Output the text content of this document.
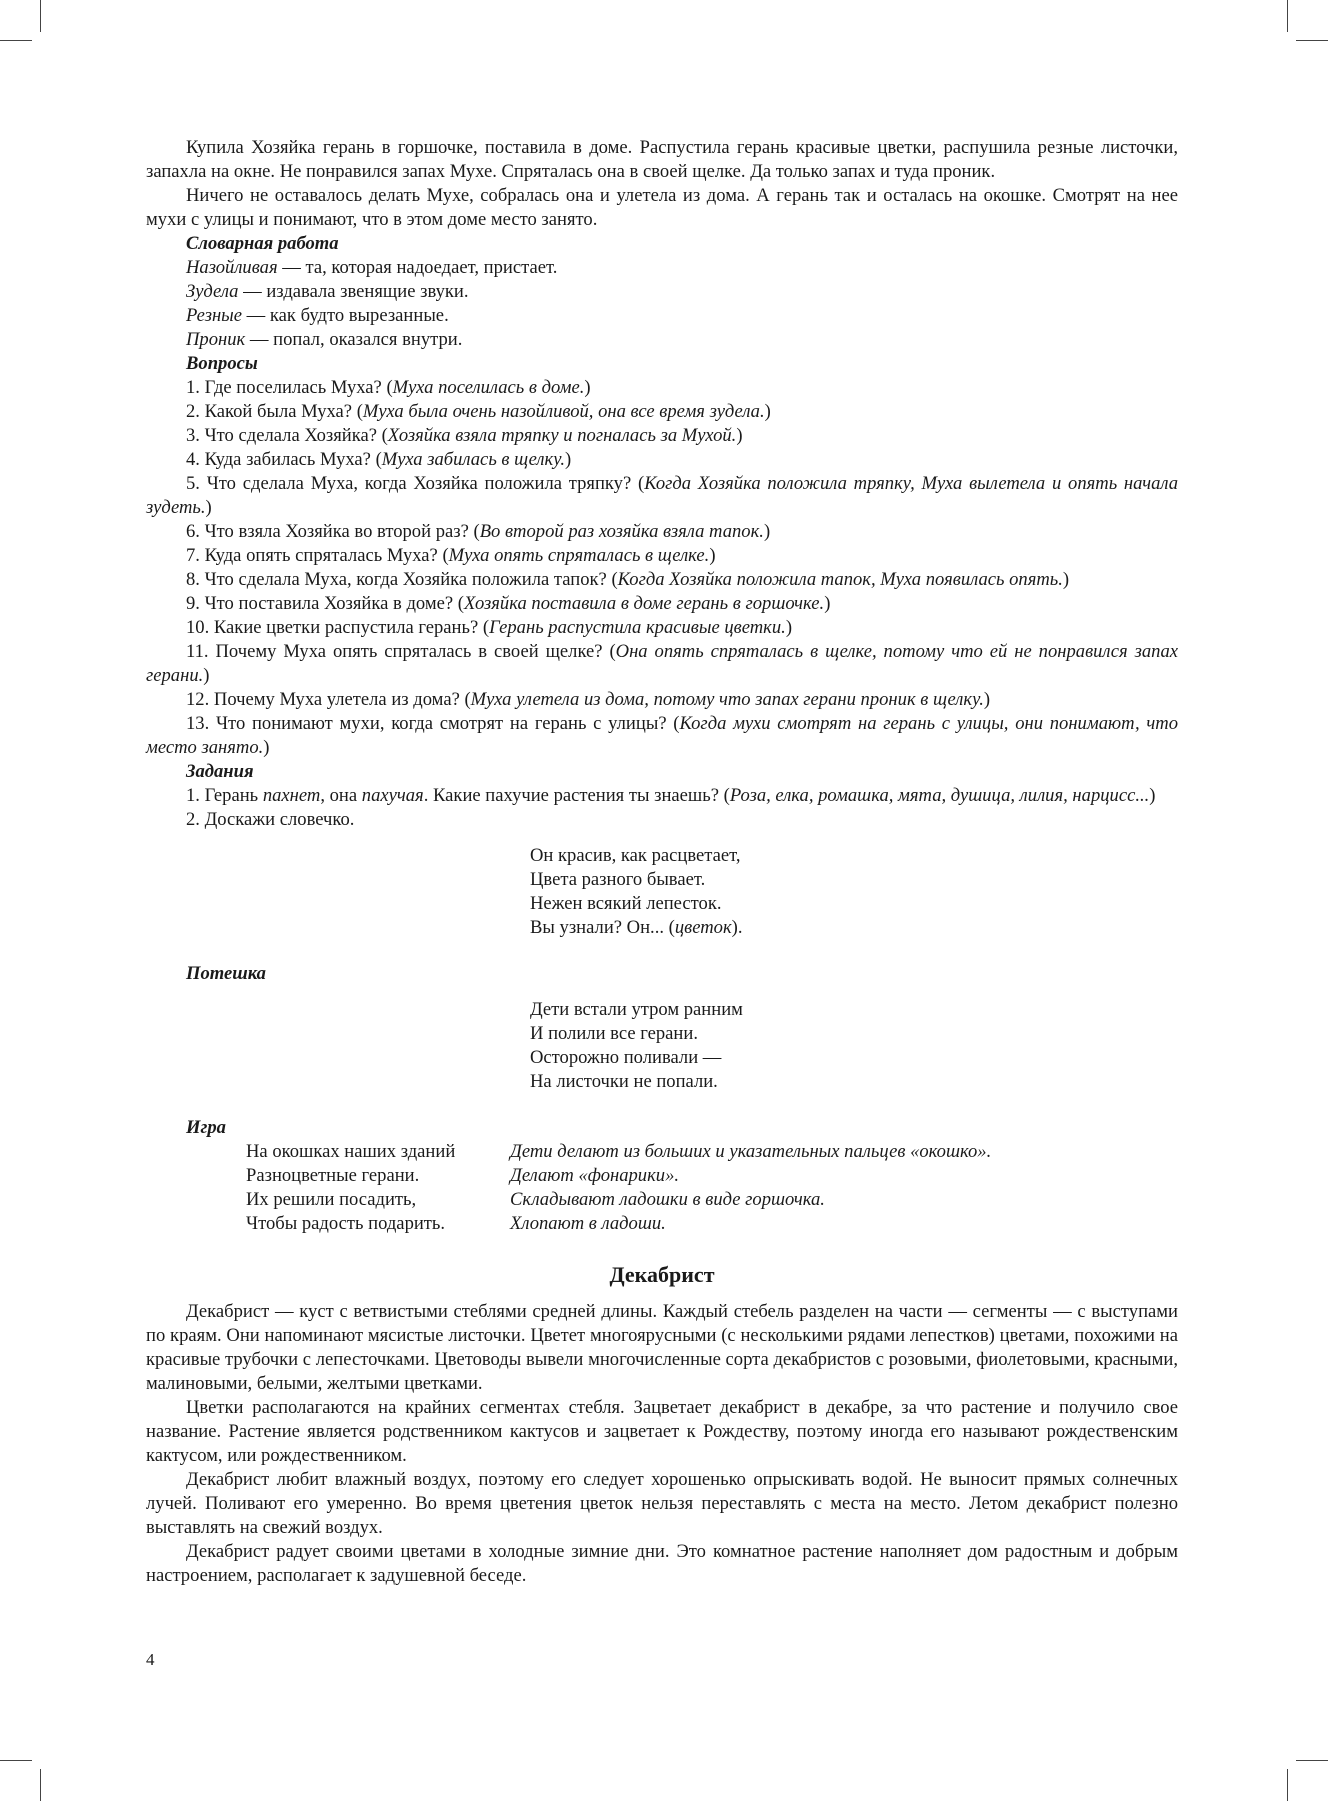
Купила Хозяйка герань в горшочке, поставила в доме. Распустила герань красивые цветки, распушила резные листочки, запахла на окне. Не понравился запах Мухе. Спряталась она в своей щелке. Да только запах и туда проник.

Ничего не оставалось делать Мухе, собралась она и улетела из дома. А герань так и осталась на окошке. Смотрят на нее мухи с улицы и понимают, что в этом доме место занято.

Словарная работа

Назойливая — та, которая надоедает, пристает.

Зудела — издавала звенящие звуки.

Резные — как будто вырезанные.

Проник — попал, оказался внутри.

Вопросы

1. Где поселилась Муха? (Муха поселилась в доме.)

2. Какой была Муха? (Муха была очень назойливой, она все время зудела.)

3. Что сделала Хозяйка? (Хозяйка взяла тряпку и погналась за Мухой.)

4. Куда забилась Муха? (Муха забилась в щелку.)

5. Что сделала Муха, когда Хозяйка положила тряпку? (Когда Хозяйка положила тряпку, Муха вылетела и опять начала зудеть.)

6. Что взяла Хозяйка во второй раз? (Во второй раз хозяйка взяла тапок.)

7. Куда опять спряталась Муха? (Муха опять спряталась в щелке.)

8. Что сделала Муха, когда Хозяйка положила тапок? (Когда Хозяйка положила тапок, Муха появилась опять.)

9. Что поставила Хозяйка в доме? (Хозяйка поставила в доме герань в горшочке.)

10. Какие цветки распустила герань? (Герань распустила красивые цветки.)

11. Почему Муха опять спряталась в своей щелке? (Она опять спряталась в щелке, потому что ей не понравился запах герани.)

12. Почему Муха улетела из дома? (Муха улетела из дома, потому что запах герани проник в щелку.)

13. Что понимают мухи, когда смотрят на герань с улицы? (Когда мухи смотрят на герань с улицы, они понимают, что место занято.)

Задания

1. Герань пахнет, она пахучая. Какие пахучие растения ты знаешь? (Роза, елка, ромашка, мята, душица, лилия, нарцисс...)

2. Доскажи словечко.

Он красив, как расцветает,

Цвета разного бывает.

Нежен всякий лепесток.

Вы узнали? Он... (цветок).

Потешка

Дети встали утром ранним

И полили все герани.

Осторожно поливали —

На листочки не попали.

Игра

На окошках наших зданий	Дети делают из больших и указательных пальцев «окошко».
Разноцветные герани.	Делают «фонарики».
Их решили посадить,	Складывают ладошки в виде горшочка.
Чтобы радость подарить.	Хлопают в ладоши.
Декабрист

Декабрист — куст с ветвистыми стеблями средней длины. Каждый стебель разделен на части — сегменты — с выступами по краям. Они напоминают мясистые листочки. Цветет многоярусными (с несколькими рядами лепестков) цветами, похожими на красивые трубочки с лепесточками. Цветоводы вывели многочисленные сорта декабристов с розовыми, фиолетовыми, красными, малиновыми, белыми, желтыми цветками.

Цветки располагаются на крайних сегментах стебля. Зацветает декабрист в декабре, за что растение и получило свое название. Растение является родственником кактусов и зацветает к Рождеству, поэтому иногда его называют рождественским кактусом, или рождественником.

Декабрист любит влажный воздух, поэтому его следует хорошенько опрыскивать водой. Не выносит прямых солнечных лучей. Поливают его умеренно. Во время цветения цветок нельзя переставлять с места на место. Летом декабрист полезно выставлять на свежий воздух.

Декабрист радует своими цветами в холодные зимние дни. Это комнатное растение наполняет дом радостным и добрым настроением, располагает к задушевной беседе.

4
